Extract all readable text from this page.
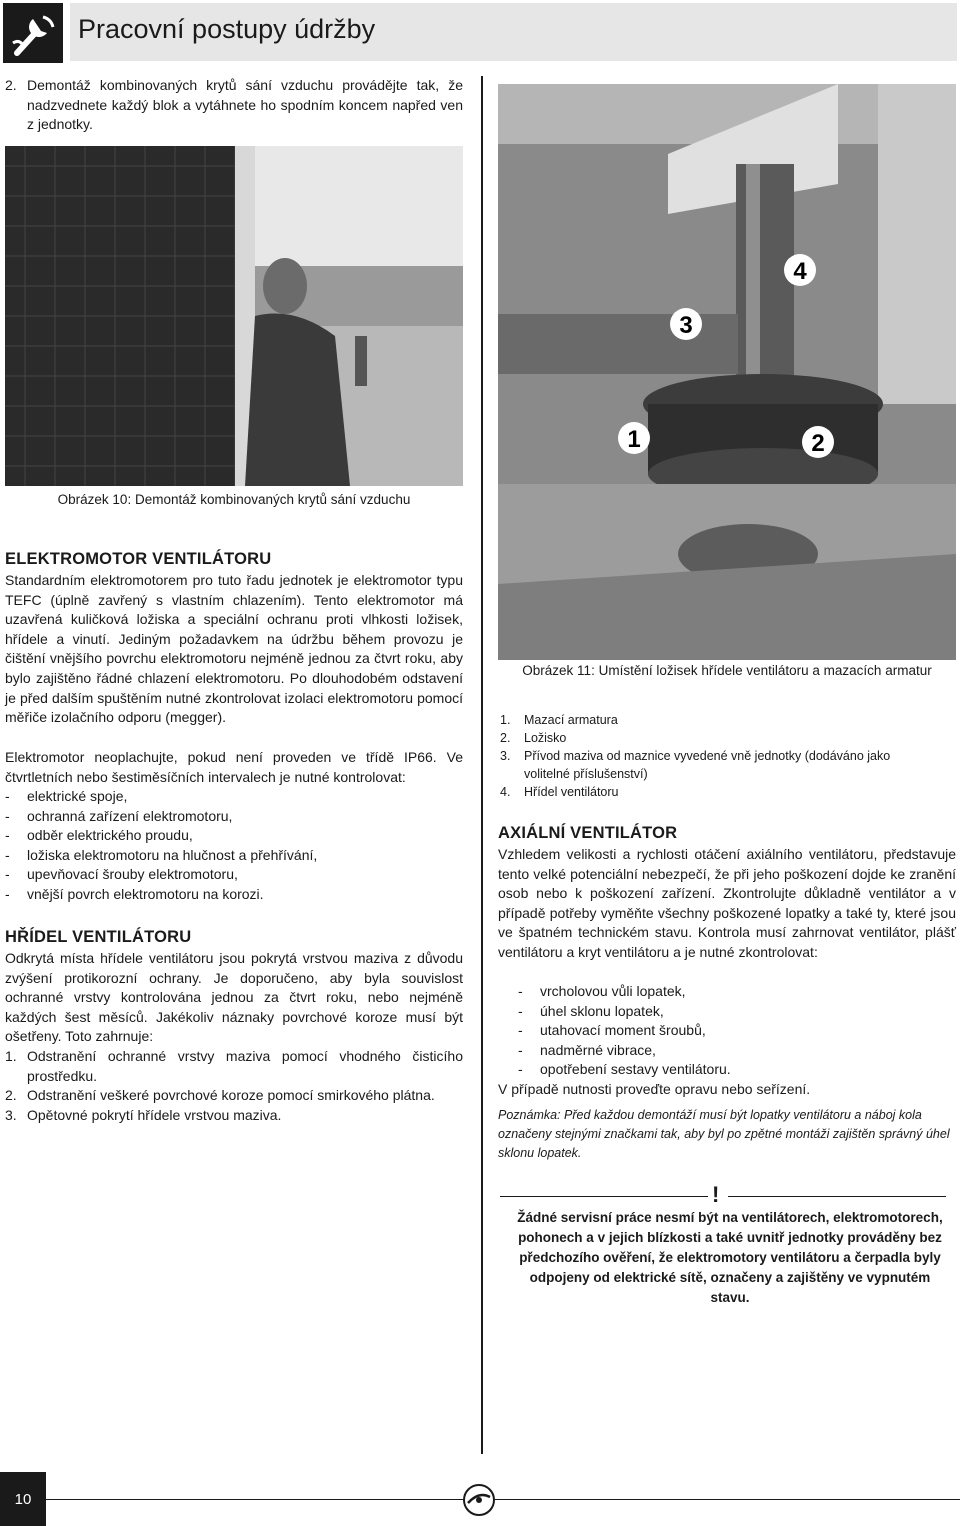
Pracovní postupy údržby
2. Demontáž kombinovaných krytů sání vzduchu provádějte tak, že nadzvednete každý blok a vytáhnete ho spodním koncem napřed ven z jednotky.
Obrázek 10: Demontáž kombinovaných krytů sání vzduchu
ELEKTROMOTOR VENTILÁTORU
Standardním elektromotorem pro tuto řadu jednotek je elektromotor typu TEFC (úplně zavřený s vlastním chlazením). Tento elektromotor má uzavřená kuličková ložiska a speciální ochranu proti vlhkosti ložisek, hřídele a vinutí. Jediným požadavkem na údržbu během provozu je čištění vnějšího povrchu elektromotoru nejméně jednou za čtvrt roku, aby bylo zajištěno řádné chlazení elektromotoru. Po dlouhodobém odstavení je před dalším spuštěním nutné zkontrolovat izolaci elektromotoru pomocí měřiče izolačního odporu (megger).
Elektromotor neoplachujte, pokud není proveden ve třídě IP66. Ve čtvrtletních nebo šestiměsíčních intervalech je nutné kontrolovat:
-	elektrické spoje,
-	ochranná zařízení elektromotoru,
-	odběr elektrického proudu,
-	ložiska elektromotoru na hlučnost a přehřívání,
-	upevňovací šrouby elektromotoru,
-	vnější povrch elektromotoru na korozi.
HŘÍDEL VENTILÁTORU
Odkrytá místa hřídele ventilátoru jsou pokrytá vrstvou maziva z důvodu zvýšení protikorozní ochrany. Je doporučeno, aby byla souvislost ochranné vrstvy kontrolována jednou za čtvrt roku, nebo nejméně každých šest měsíců. Jakékoliv náznaky povrchové koroze musí být ošetřeny. Toto zahrnuje:
1. Odstranění ochranné vrstvy maziva pomocí vhodného čisticího prostředku.
2. Odstranění veškeré povrchové koroze pomocí smirkového plátna.
3. Opětovné pokrytí hřídele vrstvou maziva.
1	2
3
4
Obrázek 11: Umístění ložisek hřídele ventilátoru a mazacích armatur
1.	Mazací armatura
2.	Ložisko
3.	Přívod maziva od maznice vyvedené vně jednotky (dodáváno jako volitelné příslušenství)
4.	Hřídel ventilátoru
AXIÁLNÍ VENTILÁTOR
Vzhledem velikosti a rychlosti otáčení axiálního ventilátoru, představuje tento velké potenciální nebezpečí, že při jeho poškození dojde ke zranění osob nebo k poškození zařízení. Zkontrolujte důkladně ventilátor a v případě potřeby vyměňte všechny poškozené lopatky a také ty, které jsou ve špatném technickém stavu. Kontrola musí zahrnovat ventilátor, plášť ventilátoru a kryt ventilátoru a je nutné zkontrolovat:
-	vrcholovou vůli lopatek,
-	úhel sklonu lopatek,
-	utahovací moment šroubů,
-	nadměrné vibrace,
-	opotřebení sestavy ventilátoru.
V případě nutnosti proveďte opravu nebo seřízení.
Poznámka: Před každou demontáží musí být lopatky ventilátoru a náboj kola označeny stejnými značkami tak, aby byl po zpětné montáži zajištěn správný úhel sklonu lopatek.
!
Žádné servisní práce nesmí být na ventilátorech, elektromotorech, pohonech a v jejich blízkosti a také uvnitř jednotky prováděny bez předchozího ověření, že elektromotory ventilátoru a čerpadla byly odpojeny od elektrické sítě, označeny a zajištěny ve vypnutém stavu.
10
